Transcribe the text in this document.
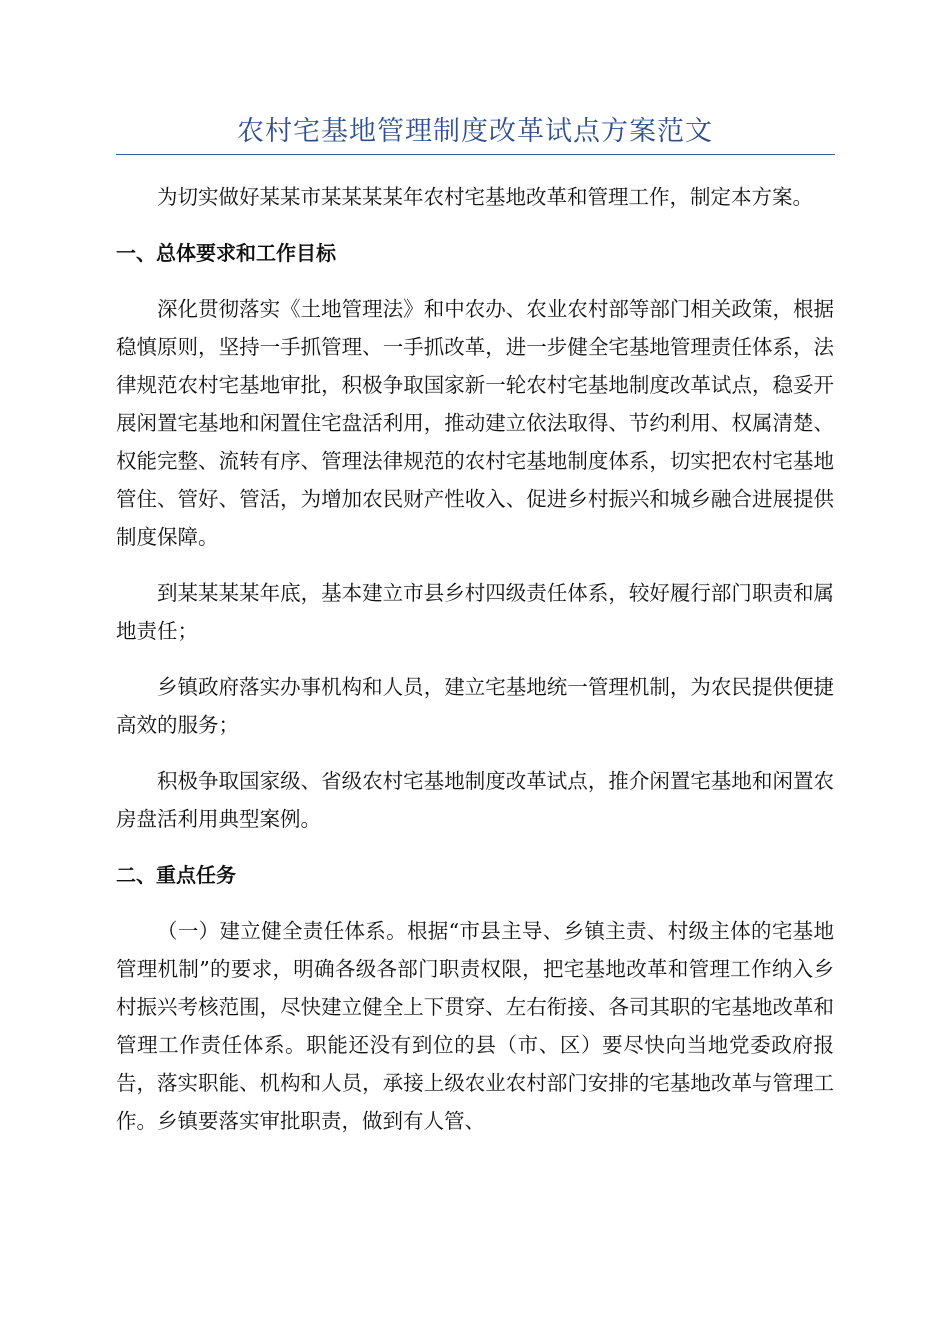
农村宅基地管理制度改革试点方案范文

为切实做好某某市某某某某年农村宅基地改革和管理工作，制定本方案。

一、总体要求和工作目标

深化贯彻落实《土地管理法》和中农办、农业农村部等部门相关政策，根据稳慎原则，坚持一手抓管理、一手抓改革，进一步健全宅基地管理责任体系，法律规范农村宅基地审批，积极争取国家新一轮农村宅基地制度改革试点，稳妥开展闲置宅基地和闲置住宅盘活利用，推动建立依法取得、节约利用、权属清楚、权能完整、流转有序、管理法律规范的农村宅基地制度体系，切实把农村宅基地管住、管好、管活，为增加农民财产性收入、促进乡村振兴和城乡融合进展提供制度保障。

到某某某某年底，基本建立市县乡村四级责任体系，较好履行部门职责和属地责任；

乡镇政府落实办事机构和人员，建立宅基地统一管理机制，为农民提供便捷高效的服务；

积极争取国家级、省级农村宅基地制度改革试点，推介闲置宅基地和闲置农房盘活利用典型案例。

二、重点任务

（一）建立健全责任体系。根据“市县主导、乡镇主责、村级主体的宅基地管理机制”的要求，明确各级各部门职责权限，把宅基地改革和管理工作纳入乡村振兴考核范围，尽快建立健全上下贯穿、左右衔接、各司其职的宅基地改革和管理工作责任体系。职能还没有到位的县（市、区）要尽快向当地党委政府报告，落实职能、机构和人员，承接上级农业农村部门安排的宅基地改革与管理工作。乡镇要落实审批职责，做到有人管、
